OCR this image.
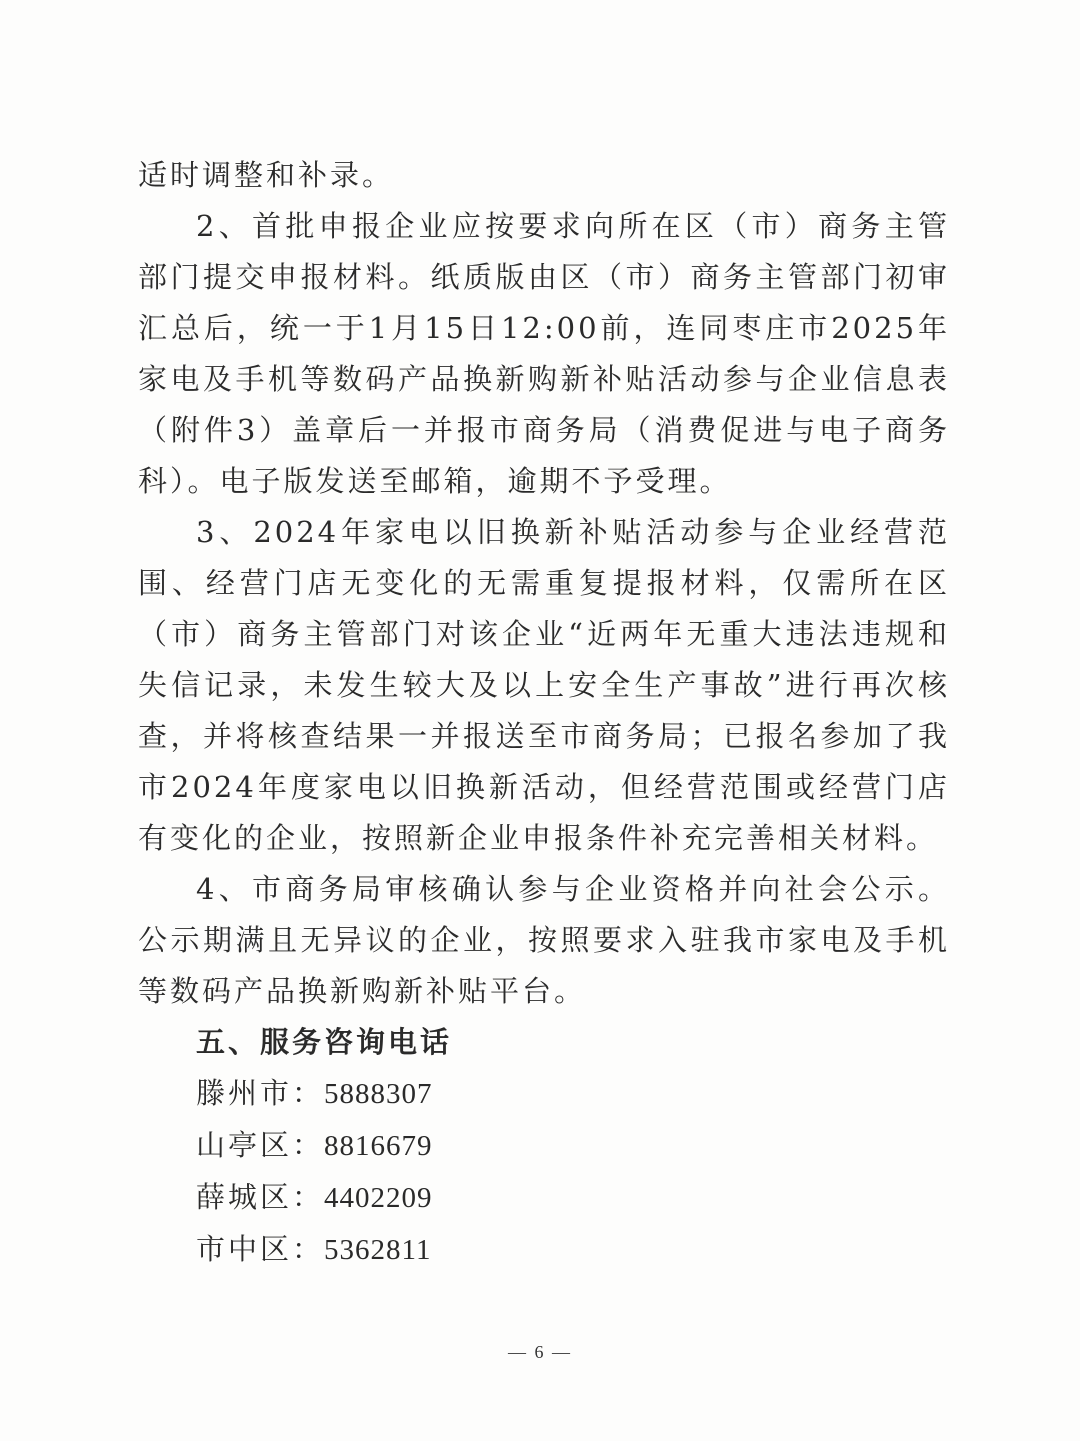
适时调整和补录。

2、首批申报企业应按要求向所在区（市）商务主管部门提交申报材料。纸质版由区（市）商务主管部门初审汇总后，统一于1月15日12:00前，连同枣庄市2025年家电及手机等数码产品换新购新补贴活动参与企业信息表（附件3）盖章后一并报市商务局（消费促进与电子商务科）。电子版发送至邮箱，逾期不予受理。

3、2024年家电以旧换新补贴活动参与企业经营范围、经营门店无变化的无需重复提报材料，仅需所在区（市）商务主管部门对该企业“近两年无重大违法违规和失信记录，未发生较大及以上安全生产事故”进行再次核查，并将核查结果一并报送至市商务局；已报名参加了我市2024年度家电以旧换新活动，但经营范围或经营门店有变化的企业，按照新企业申报条件补充完善相关材料。

4、市商务局审核确认参与企业资格并向社会公示。公示期满且无异议的企业，按照要求入驻我市家电及手机等数码产品换新购新补贴平台。

五、服务咨询电话
滕州市：5888307
山亭区：8816679
薛城区：4402209
市中区：5362811
— 6 —
